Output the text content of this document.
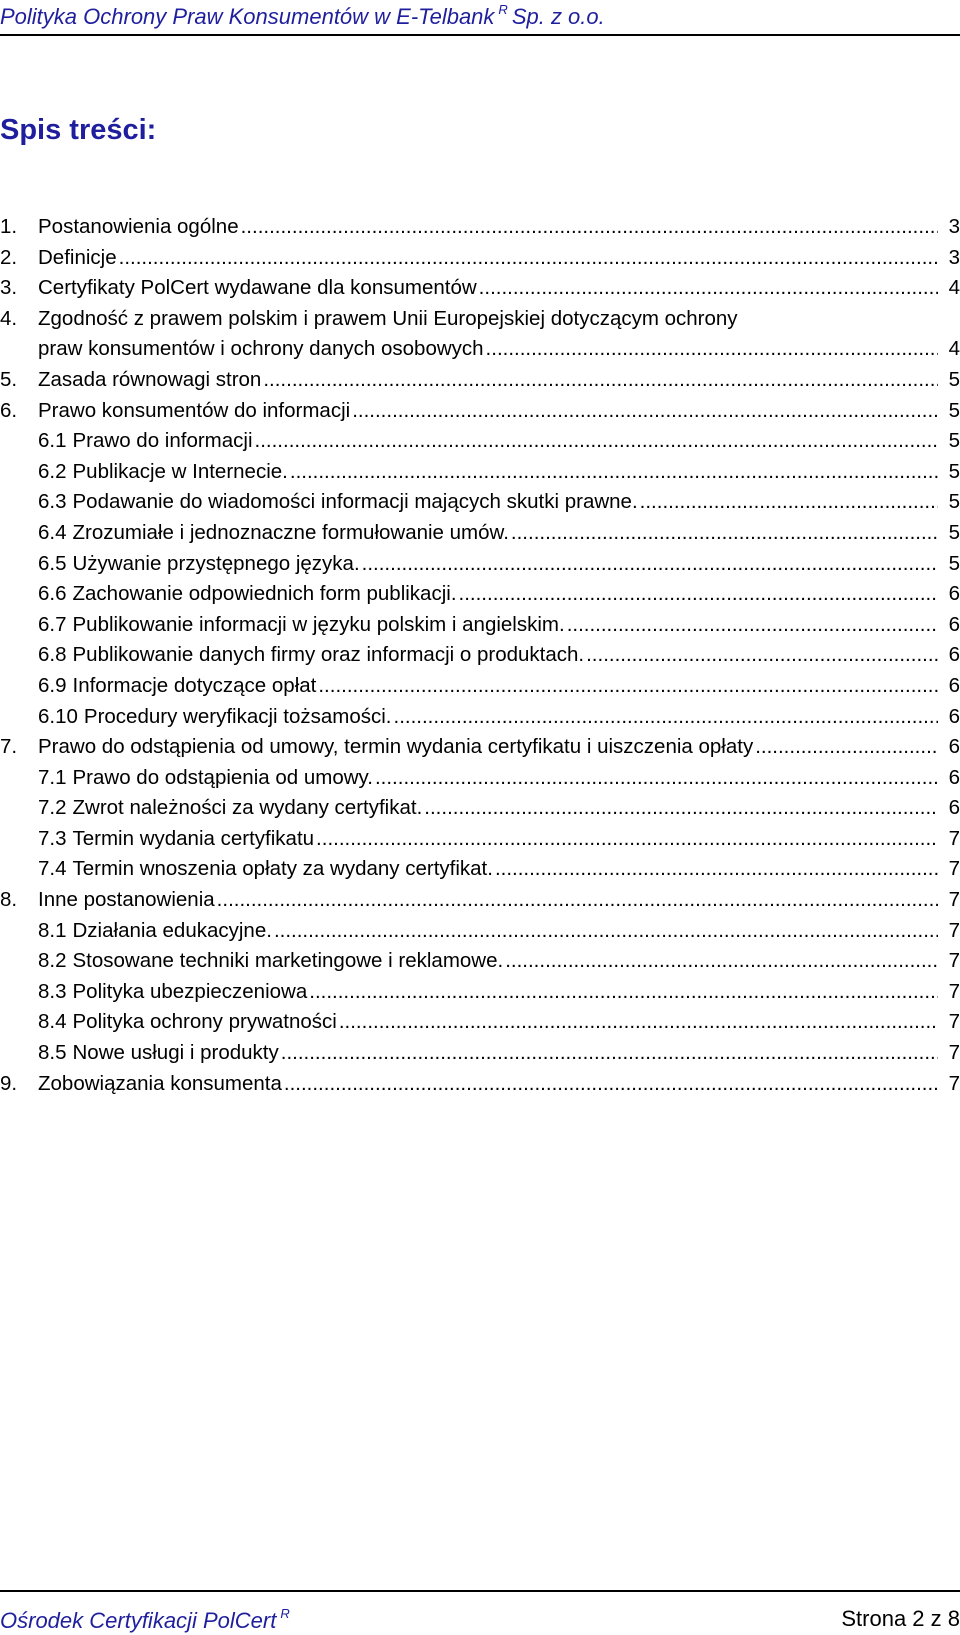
Polityka Ochrony Praw Konsumentów w E-Telbank $^R$ Sp. z o.o.
Spis treści:
1.	Postanowienia ogólne .....	3
2.	Definicje .....	3
3.	Certyfikaty PolCert wydawane dla konsumentów .....	4
4.	Zgodność z prawem polskim i prawem Unii Europejskiej dotyczącym ochrony
praw konsumentów i ochrony danych osobowych .....	4
5.	Zasada równowagi stron .....	5
6.	Prawo konsumentów do informacji .....	5
6.1 Prawo do informacji .....	5
6.2 Publikacje w Internecie. .....	5
6.3 Podawanie do wiadomości informacji mających skutki prawne. .....	5
6.4 Zrozumiałe i jednoznaczne formułowanie umów. .....	5
6.5 Używanie przystępnego języka. .....	5
6.6 Zachowanie odpowiednich form publikacji. .....	6
6.7 Publikowanie informacji w języku polskim i angielskim. .....	6
6.8 Publikowanie danych firmy oraz informacji o produktach. .....	6
6.9 Informacje dotyczące opłat .....	6
6.10 Procedury weryfikacji tożsamości. .....	6
7.	Prawo do odstąpienia od umowy, termin wydania certyfikatu i uiszczenia opłaty .....	6
7.1 Prawo do odstąpienia od umowy. .....	6
7.2 Zwrot należności za wydany certyfikat. .....	6
7.3 Termin wydania certyfikatu .....	7
7.4 Termin wnoszenia opłaty za wydany certyfikat. .....	7
8.	Inne postanowienia .....	7
8.1 Działania edukacyjne. .....	7
8.2 Stosowane techniki marketingowe i reklamowe. .....	7
8.3 Polityka ubezpieczeniowa .....	7
8.4 Polityka ochrony prywatności .....	7
8.5 Nowe usługi i produkty .....	7
9.	Zobowiązania konsumenta .....	7
Ośrodek Certyfikacji PolCert $^R$	Strona 2 z 8
